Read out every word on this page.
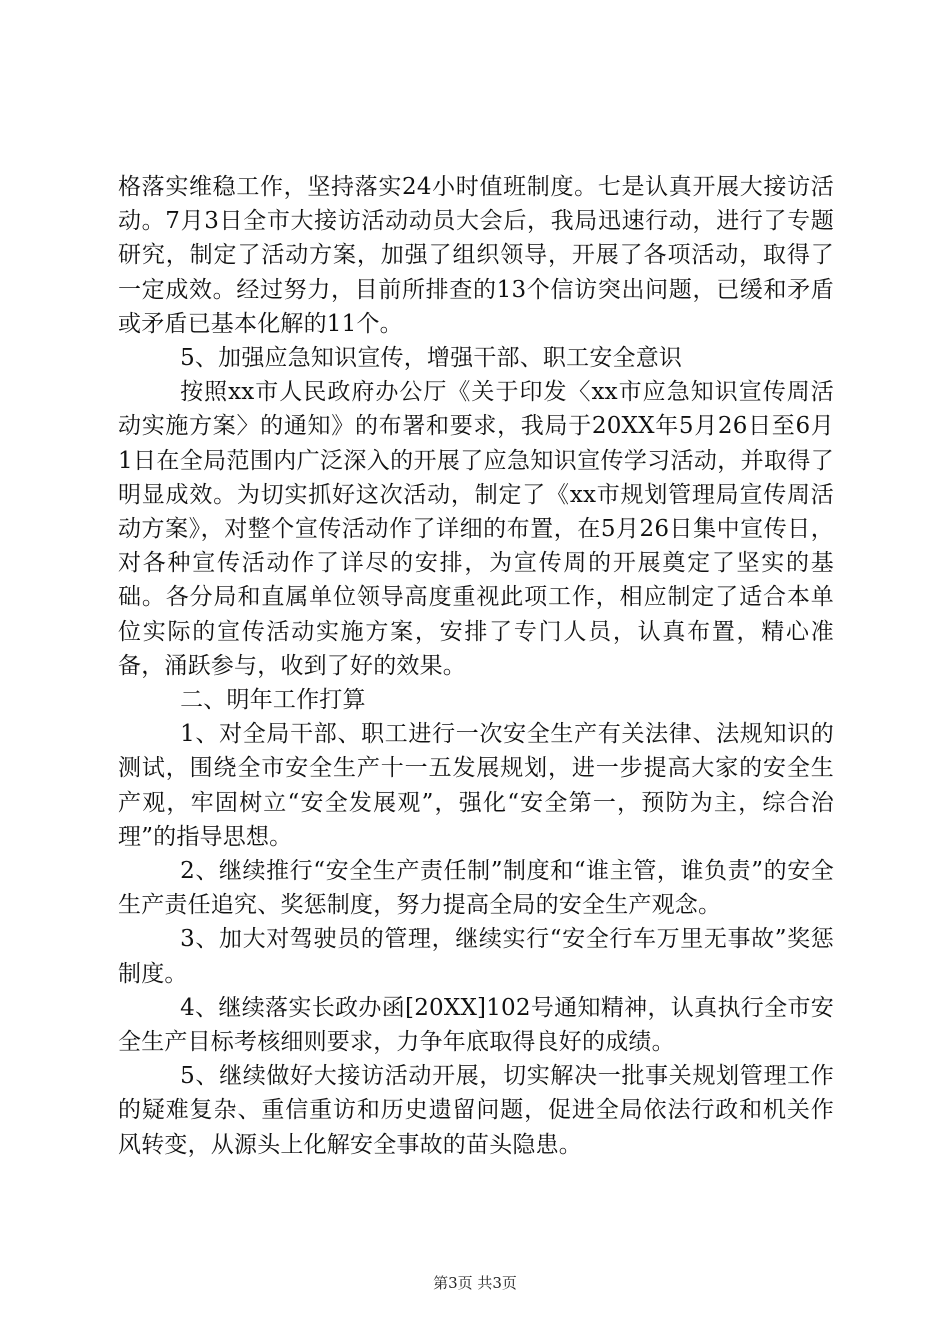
格落实维稳工作，坚持落实24小时值班制度。七是认真开展大接访活动。7月3日全市大接访活动动员大会后，我局迅速行动，进行了专题研究，制定了活动方案，加强了组织领导，开展了各项活动，取得了一定成效。经过努力，目前所排查的13个信访突出问题，已缓和矛盾或矛盾已基本化解的11个。

5、加强应急知识宣传，增强干部、职工安全意识

按照xx市人民政府办公厅《关于印发〈xx市应急知识宣传周活动实施方案〉的通知》的布署和要求，我局于20XX年5月26日至6月1日在全局范围内广泛深入的开展了应急知识宣传学习活动，并取得了明显成效。为切实抓好这次活动，制定了《xx市规划管理局宣传周活动方案》，对整个宣传活动作了详细的布置，在5月26日集中宣传日，对各种宣传活动作了详尽的安排，为宣传周的开展奠定了坚实的基础。各分局和直属单位领导高度重视此项工作，相应制定了适合本单位实际的宣传活动实施方案，安排了专门人员，认真布置，精心准备，涌跃参与，收到了好的效果。

二、明年工作打算

1、对全局干部、职工进行一次安全生产有关法律、法规知识的测试，围绕全市安全生产十一五发展规划，进一步提高大家的安全生产观，牢固树立“安全发展观”，强化“安全第一，预防为主，综合治理”的指导思想。

2、继续推行“安全生产责任制”制度和“谁主管，谁负责”的安全生产责任追究、奖惩制度，努力提高全局的安全生产观念。

3、加大对驾驶员的管理，继续实行“安全行车万里无事故”奖惩制度。

4、继续落实长政办函[20XX]102号通知精神，认真执行全市安全生产目标考核细则要求，力争年底取得良好的成绩。

5、继续做好大接访活动开展，切实解决一批事关规划管理工作的疑难复杂、重信重访和历史遗留问题，促进全局依法行政和机关作风转变，从源头上化解安全事故的苗头隐患。

第3页 共3页
